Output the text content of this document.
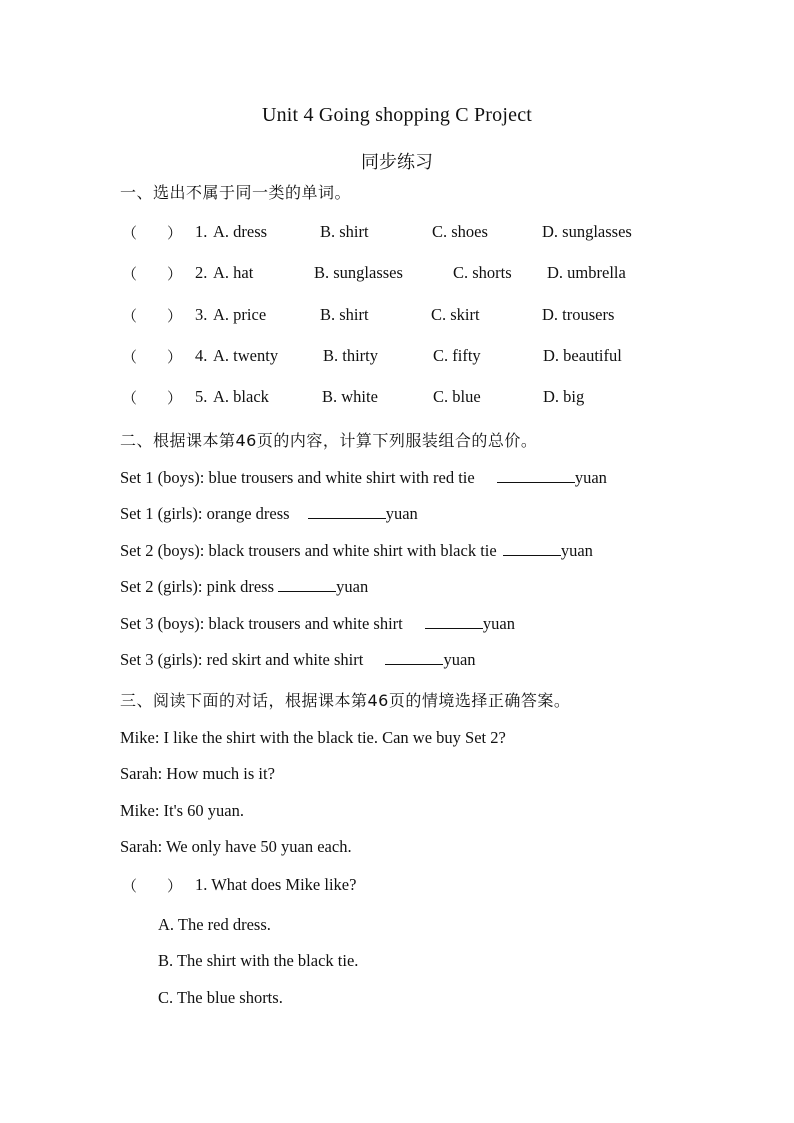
Unit 4 Going shopping C Project
同步练习
一、选出不属于同一类的单词。
（　　） 1. A. dress	B. shirt	C. shoes	D. sunglasses
（　　） 2. A. hat	B. sunglasses	C. shorts D. umbrella
（　　） 3. A. price	B. shirt	C. skirt	D. trousers
（　　） 4. A. twenty	B. thirty	C. fifty	D. beautiful
（　　） 5. A. black	B. white	C. blue	D. big
二、根据课本第46页的内容，计算下列服装组合的总价。
Set 1 (boys): blue trousers and white shirt with red tie	yuan
Set 1 (girls): orange dress	yuan
Set 2 (boys): black trousers and white shirt with black tie	yuan
Set 2 (girls): pink dress	yuan
Set 3 (boys): black trousers and white shirt	yuan
Set 3 (girls): red skirt and white shirt	yuan
三、阅读下面的对话，根据课本第46页的情境选择正确答案。
Mike: I like the shirt with the black tie. Can we buy Set 2?
Sarah: How much is it?
Mike: It's 60 yuan.
Sarah: We only have 50 yuan each.
（　　） 1. What does Mike like?
A. The red dress.
B. The shirt with the black tie.
C. The blue shorts.
